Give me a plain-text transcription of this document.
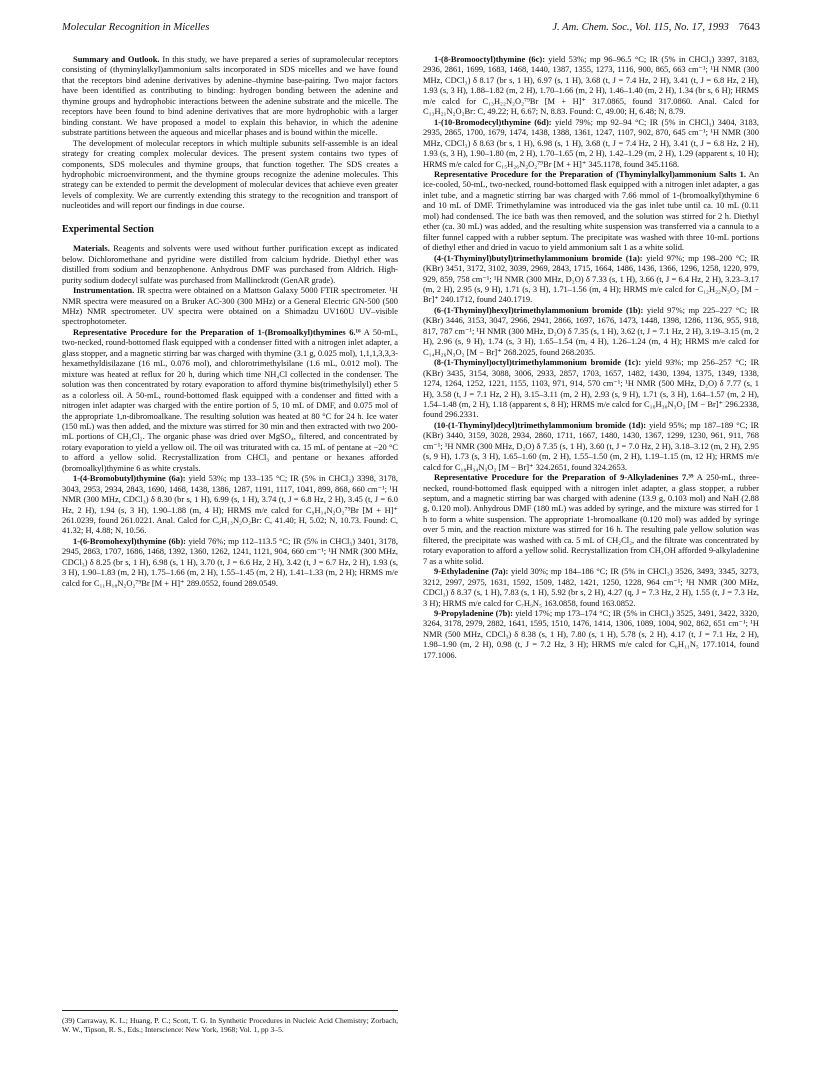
Molecular Recognition in Micelles	J. Am. Chem. Soc., Vol. 115, No. 17, 1993 7643

Summary and Outlook. In this study, we have prepared a series of supramolecular receptors consisting of (thyminylalkyl)ammonium salts incorporated in SDS micelles and we have found that the receptors bind adenine derivatives by adenine–thymine base-pairing. Two major factors have been identified as contributing to binding: hydrogen bonding between the adenine and thymine groups and hydrophobic interactions between the adenine substrate and the micelle. The receptors have been found to bind adenine derivatives that are more hydrophobic with a larger binding constant. We have proposed a model to explain this behavior, in which the adenine substrate partitions between the aqueous and micellar phases and is bound within the micelle.

The development of molecular receptors in which multiple subunits self-assemble is an ideal strategy for creating complex molecular devices. The present system contains two types of components, SDS molecules and thymine groups, that function together. The SDS creates a hydrophobic microenvironment, and the thymine groups recognize the adenine molecules. This strategy can be extended to permit the development of molecular devices that achieve even greater levels of complexity. We are currently extending this strategy to the recognition and transport of nucleotides and will report our findings in due course.

Experimental Section

Materials. Reagents and solvents were used without further purification except as indicated below. Dichloromethane and pyridine were distilled from calcium hydride. Diethyl ether was distilled from sodium and benzophenone. Anhydrous DMF was purchased from Aldrich. High-purity sodium dodecyl sulfate was purchased from Mallinckrodt (GenAR grade).

Instrumentation. IR spectra were obtained on a Mattson Galaxy 5000 FTIR spectrometer. ¹H NMR spectra were measured on a Bruker AC-300 (300 MHz) or a General Electric GN-500 (500 MHz) NMR spectrometer. UV spectra were obtained on a Shimadzu UV160U UV–visible spectrophotometer.

Representative Procedure for the Preparation of 1-(Bromoalkyl)thymines 6.¹⁶ A 50-mL, two-necked, round-bottomed flask equipped with a condenser fitted with a nitrogen inlet adapter, a glass stopper, and a magnetic stirring bar was charged with thymine (3.1 g, 0.025 mol), 1,1,1,3,3,3-hexamethyldisilazane (16 mL, 0.076 mol), and chlorotrimethylsilane (1.6 mL, 0.012 mol). The mixture was heated at reflux for 20 h, during which time NH₄Cl collected in the condenser. The solution was then concentrated by rotary evaporation to afford thymine bis(trimethylsilyl) ether 5 as a colorless oil. A 50-mL, round-bottomed flask equipped with a condenser and fitted with a nitrogen inlet adapter was charged with the entire portion of 5, 10 mL of DMF, and 0.075 mol of the appropriate 1,n-dibromoalkane. The resulting solution was heated at 80 °C for 24 h. Ice water (150 mL) was then added, and the mixture was stirred for 30 min and then extracted with two 200-mL portions of CH₂Cl₂. The organic phase was dried over MgSO₄, filtered, and concentrated by rotary evaporation to yield a yellow oil. The oil was triturated with ca. 15 mL of pentane at −20 °C to afford a yellow solid. Recrystallization from CHCl₃ and pentane or hexanes afforded (bromoalkyl)thymine 6 as white crystals.

1-(4-Bromobutyl)thymine (6a): yield 53%; mp 133–135 °C; IR (5% in CHCl₃) 3398, 3178, 3043, 2953, 2934, 2843, 1690, 1468, 1438, 1386, 1287, 1191, 1117, 1041, 899, 868, 660 cm⁻¹; ¹H NMR (300 MHz, CDCl₃) δ 8.30 (br s, 1 H), 6.99 (s, 1 H), 3.74 (t, J = 6.8 Hz, 2 H), 3.45 (t, J = 6.0 Hz, 2 H), 1.94 (s, 3 H), 1.90–1.88 (m, 4 H); HRMS m/e calcd for C₉H₁₄N₂O₂⁷⁹Br [M + H]⁺ 261.0239, found 261.0221. Anal. Calcd for C₉H₁₃N₂O₂Br: C, 41.40; H, 5.02; N, 10.73. Found: C, 41.32; H, 4.88; N, 10.56.

1-(6-Bromohexyl)thymine (6b): yield 76%; mp 112–113.5 °C; IR (5% in CHCl₃) 3401, 3178, 2945, 2863, 1707, 1686, 1468, 1392, 1360, 1262, 1241, 1121, 904, 660 cm⁻¹; ¹H NMR (300 MHz, CDCl₃) δ 8.25 (br s, 1 H), 6.98 (s, 1 H), 3.70 (t, J = 6.6 Hz, 2 H), 3.42 (t, J = 6.7 Hz, 2 H), 1.93 (s, 3 H), 1.90–1.83 (m, 2 H), 1.75–1.66 (m, 2 H), 1.55–1.45 (m, 2 H), 1.41–1.33 (m, 2 H); HRMS m/e calcd for C₁₁H₁₈N₂O₂⁷⁹Br [M + H]⁺ 289.0552, found 289.0549.

1-(8-Bromooctyl)thymine (6c): yield 53%; mp 96–96.5 °C; IR (5% in CHCl₃) 3397, 3183, 2936, 2861, 1699, 1683, 1468, 1440, 1387, 1355, 1273, 1116, 900, 865, 663 cm⁻¹; ¹H NMR (300 MHz, CDCl₃) δ 8.17 (br s, 1 H), 6.97 (s, 1 H), 3.68 (t, J = 7.4 Hz, 2 H), 3.41 (t, J = 6.8 Hz, 2 H), 1.93 (s, 3 H), 1.88–1.82 (m, 2 H), 1.70–1.66 (m, 2 H), 1.46–1.40 (m, 2 H), 1.34 (br s, 6 H); HRMS m/e calcd for C₁₃H₂₂N₂O₂⁷⁹Br [M + H]⁺ 317.0865, found 317.0860. Anal. Calcd for C₁₃H₂₁N₂O₂Br: C, 49.22; H, 6.67; N, 8.83. Found: C, 49.00; H, 6.48; N, 8.79.

1-(10-Bromodecyl)thymine (6d): yield 79%; mp 92–94 °C; IR (5% in CHCl₃) 3404, 3183, 2935, 2865, 1700, 1679, 1474, 1438, 1388, 1361, 1247, 1107, 902, 870, 645 cm⁻¹; ¹H NMR (300 MHz, CDCl₃) δ 8.63 (br s, 1 H), 6.98 (s, 1 H), 3.68 (t, J = 7.4 Hz, 2 H), 3.41 (t, J = 6.8 Hz, 2 H), 1.93 (s, 3 H), 1.90–1.80 (m, 2 H), 1.70–1.65 (m, 2 H), 1.42–1.29 (m, 2 H), 1.29 (apparent s, 10 H); HRMS m/e calcd for C₁₅H₂₆N₂O₂⁷⁹Br [M + H]⁺ 345.1178, found 345.1168.

Representative Procedure for the Preparation of (Thyminylalkyl)ammonium Salts 1. An ice-cooled, 50-mL, two-necked, round-bottomed flask equipped with a nitrogen inlet adapter, a gas inlet tube, and a magnetic stirring bar was charged with 7.66 mmol of 1-(bromoalkyl)thymine 6 and 10 mL of DMF. Trimethylamine was introduced via the gas inlet tube until ca. 10 mL (0.11 mol) had condensed. The ice bath was then removed, and the solution was stirred for 2 h. Diethyl ether (ca. 30 mL) was added, and the resulting white suspension was transferred via a cannula to a filter funnel capped with a rubber septum. The precipitate was washed with three 10-mL portions of diethyl ether and dried in vacuo to yield ammonium salt 1 as a white solid.

(4-(1-Thyminyl)butyl)trimethylammonium bromide (1a): yield 97%; mp 198–200 °C; IR (KBr) 3451, 3172, 3102, 3039, 2969, 2843, 1715, 1664, 1486, 1436, 1366, 1296, 1258, 1220, 979, 929, 859, 758 cm⁻¹; ¹H NMR (300 MHz, D₂O) δ 7.33 (s, 1 H), 3.66 (t, J = 6.4 Hz, 2 H), 3.23–3.17 (m, 2 H), 2.95 (s, 9 H), 1.71 (s, 3 H), 1.71–1.56 (m, 4 H); HRMS m/e calcd for C₁₂H₂₂N₃O₂ [M − Br]⁺ 240.1712, found 240.1719.

(6-(1-Thyminyl)hexyl)trimethylammonium bromide (1b): yield 97%; mp 225–227 °C; IR (KBr) 3446, 3153, 3047, 2966, 2941, 2866, 1697, 1676, 1473, 1448, 1398, 1286, 1136, 955, 918, 817, 787 cm⁻¹; ¹H NMR (300 MHz, D₂O) δ 7.35 (s, 1 H), 3.62 (t, J = 7.1 Hz, 2 H), 3.19–3.15 (m, 2 H), 2.96 (s, 9 H), 1.74 (s, 3 H), 1.65–1.54 (m, 4 H), 1.26–1.24 (m, 4 H); HRMS m/e calcd for C₁₄H₂₆N₃O₂ [M − Br]⁺ 268.2025, found 268.2035.

(8-(1-Thyminyl)octyl)trimethylammonium bromide (1c): yield 93%; mp 256–257 °C; IR (KBr) 3435, 3154, 3088, 3006, 2933, 2857, 1703, 1657, 1482, 1430, 1394, 1375, 1349, 1338, 1274, 1264, 1252, 1221, 1155, 1103, 971, 914, 570 cm⁻¹; ¹H NMR (500 MHz, D₂O) δ 7.77 (s, 1 H), 3.58 (t, J = 7.1 Hz, 2 H), 3.15–3.11 (m, 2 H), 2.93 (s, 9 H), 1.71 (s, 3 H), 1.64–1.57 (m, 2 H), 1.54–1.48 (m, 2 H), 1.18 (apparent s, 8 H); HRMS m/e calcd for C₁₆H₃₀N₃O₂ [M − Br]⁺ 296.2338, found 296.2331.

(10-(1-Thyminyl)decyl)trimethylammonium bromide (1d): yield 95%; mp 187–189 °C; IR (KBr) 3440, 3159, 3028, 2934, 2860, 1711, 1667, 1480, 1430, 1367, 1299, 1230, 961, 911, 768 cm⁻¹; ¹H NMR (300 MHz, D₂O) δ 7.35 (s, 1 H), 3.60 (t, J = 7.0 Hz, 2 H), 3.18–3.12 (m, 2 H), 2.95 (s, 9 H), 1.73 (s, 3 H), 1.65–1.60 (m, 2 H), 1.55–1.50 (m, 2 H), 1.19–1.15 (m, 12 H); HRMS m/e calcd for C₁₈H₃₄N₃O₂ [M − Br]⁺ 324.2651, found 324.2653.

Representative Procedure for the Preparation of 9-Alkyladenines 7.³⁹ A 250-mL, three-necked, round-bottomed flask equipped with a nitrogen inlet adapter, a glass stopper, a rubber septum, and a magnetic stirring bar was charged with adenine (13.9 g, 0.103 mol) and NaH (2.88 g, 0.120 mol). Anhydrous DMF (180 mL) was added by syringe, and the mixture was stirred for 1 h to form a white suspension. The appropriate 1-bromoalkane (0.120 mol) was added by syringe over 5 min, and the reaction mixture was stirred for 16 h. The resulting pale yellow solution was filtered, the precipitate was washed with ca. 5 mL of CH₂Cl₂, and the filtrate was concentrated by rotary evaporation to afford a yellow solid. Recrystallization from CH₃OH afforded 9-alkyladenine 7 as a white solid.

9-Ethyladenine (7a): yield 30%; mp 184–186 °C; IR (5% in CHCl₃) 3526, 3493, 3345, 3273, 3212, 2997, 2975, 1631, 1592, 1509, 1482, 1421, 1250, 1228, 964 cm⁻¹; ¹H NMR (300 MHz, CDCl₃) δ 8.37 (s, 1 H), 7.83 (s, 1 H), 5.92 (br s, 2 H), 4.27 (q, J = 7.3 Hz, 2 H), 1.55 (t, J = 7.3 Hz, 3 H); HRMS m/e calcd for C₇H₉N₅ 163.0858, found 163.0852.

9-Propyladenine (7b): yield 17%; mp 173–174 °C; IR (5% in CHCl₃) 3525, 3491, 3422, 3320, 3264, 3178, 2979, 2882, 1641, 1595, 1510, 1476, 1414, 1306, 1089, 1004, 902, 862, 651 cm⁻¹; ¹H NMR (500 MHz, CDCl₃) δ 8.38 (s, 1 H), 7.80 (s, 1 H), 5.78 (s, 2 H), 4.17 (t, J = 7.1 Hz, 2 H), 1.98–1.90 (m, 2 H), 0.98 (t, J = 7.2 Hz, 3 H); HRMS m/e calcd for C₈H₁₁N₅ 177.1014, found 177.1006.

(39) Carraway, K. L.; Huang, P. C.; Scott, T. G. In Synthetic Procedures in Nucleic Acid Chemistry; Zorbach, W. W., Tipson, R. S., Eds.; Interscience: New York, 1968; Vol. 1, pp 3–5.
